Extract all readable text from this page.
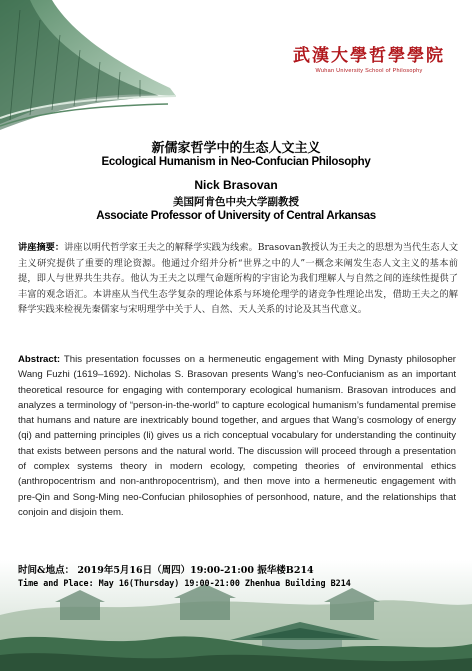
武漢大學哲學學院
Wuhan University School of Philosophy
新儒家哲学中的生态人文主义
Ecological Humanism in Neo-Confucian Philosophy
Nick Brasovan
美国阿肯色中央大学副教授
Associate Professor of University of Central Arkansas
讲座摘要：讲座以明代哲学家王夫之的解释学实践为线索。Brasovan教授认为王夫之的思想为当代生态人文主义研究提供了重要的理论资源。他通过介绍并分析“世界之中的人”一概念来阐发生态人文主义的基本前提，即人与世界共生共存。他认为王夫之以理气命题所构的宇宙论为我们理解人与自然之间的连续性提供了丰富的观念语汇。本讲座从当代生态学复杂的理论体系与环境伦理学的诸竞争性理论出发，借助王夫之的解释学实践来检视先秦儒家与宋明理学中关于人、自然、天人关系的讨论及其当代意义。
Abstract: This presentation focusses on a hermeneutic engagement with Ming Dynasty philosopher Wang Fuzhi (1619–1692). Nicholas S. Brasovan presents Wang’s neo-Confucianism as an important theoretical resource for engaging with contemporary ecological humanism. Brasovan introduces and analyzes a terminology of “person-in-the-world” to capture ecological humanism’s fundamental premise that humans and nature are inextricably bound together, and argues that Wang’s cosmology of energy (qi) and patterning principles (li) gives us a rich conceptual vocabulary for understanding the continuity that exists between persons and the natural world. The discussion will proceed through a presentation of complex systems theory in modern ecology, competing theories of environmental ethics (anthropocentrism and non-anthropocentrism), and then move into a hermeneutic engagement with pre-Qin and Song-Ming neo-Confucian philosophies of personhood, nature, and the relationships that conjoin and disjoin them.
时间&地点： 2019年5月16日（周四）19:00-21:00 振华楼B214
Time and Place: May 16(Thursday) 19:00-21:00 Zhenhua Building B214
